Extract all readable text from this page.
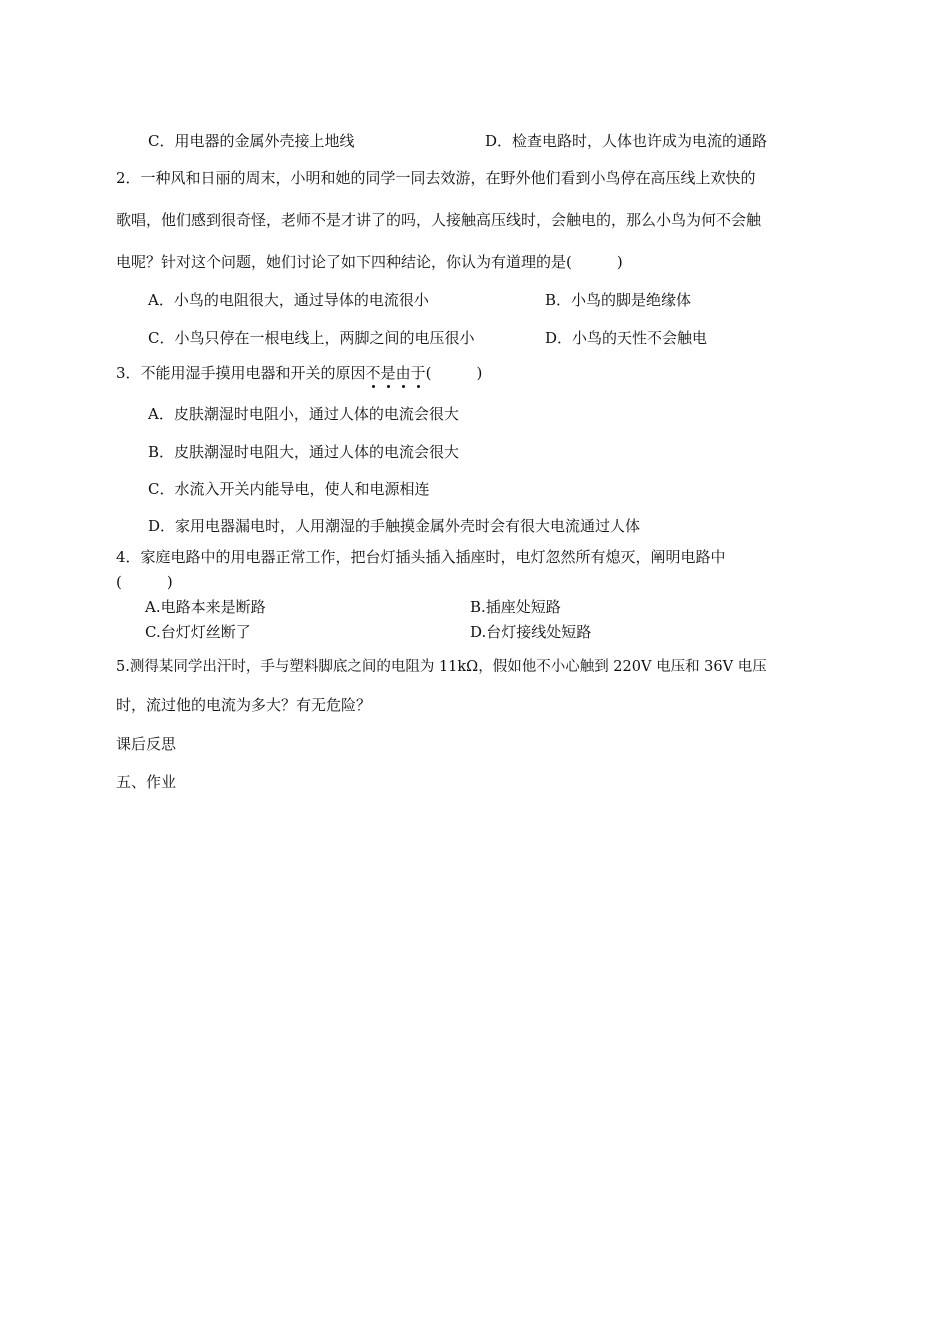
C．用电器的金属外壳接上地线	D．检查电路时，人体也许成为电流的通路
2．一种风和日丽的周末，小明和她的同学一同去效游，在野外他们看到小鸟停在高压线上欢快的
歌唱，他们感到很奇怪，老师不是才讲了的吗，人接触高压线时，会触电的，那么小鸟为何不会触
电呢？针对这个问题，她们讨论了如下四种结论，你认为有道理的是(　　　)
A．小鸟的电阻很大，通过导体的电流很小	B．小鸟的脚是绝缘体
C．小鸟只停在一根电线上，两脚之间的电压很小	D．小鸟的天性不会触电
3．不能用湿手摸用电器和开关的原因不是由于(　　　)
A．皮肤潮湿时电阻小，通过人体的电流会很大
B．皮肤潮湿时电阻大，通过人体的电流会很大
C．水流入开关内能导电，使人和电源相连
D．家用电器漏电时，人用潮湿的手触摸金属外壳时会有很大电流通过人体
4．家庭电路中的用电器正常工作，把台灯插头插入插座时，电灯忽然所有熄灭，阐明电路中
(　　　)
A.电路本来是断路	B.插座处短路
C.台灯灯丝断了	D.台灯接线处短路
5.测得某同学出汗时，手与塑料脚底之间的电阻为 11kΩ，假如他不小心触到 220V 电压和 36V 电压
时，流过他的电流为多大？有无危险？
课后反思
五、作业
